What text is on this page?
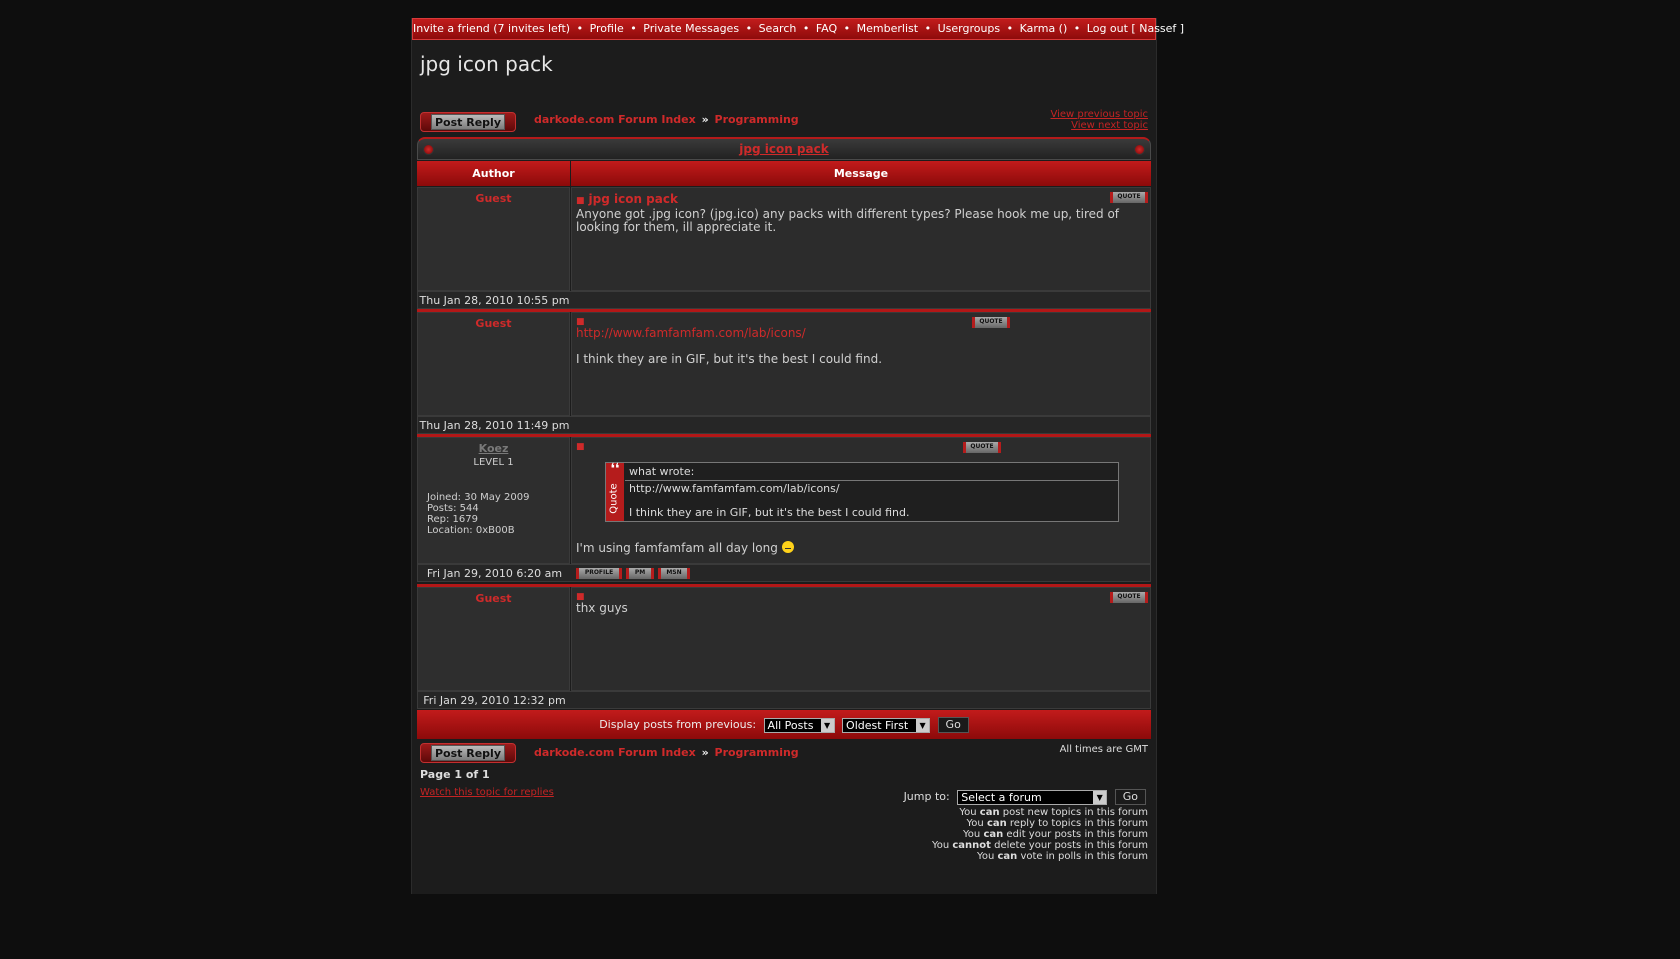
Invite a friend (7 invites left) • Profile • Private Messages • Search • FAQ • Memberlist • Usergroups • Karma () • Log out [ Nassef ]
jpg icon pack
Post Reply	darkode.com Forum Index » Programming	View previous topic
View next topic
jpg icon pack
Author	Message
Guest	QUOTE
■ jpg icon pack
Anyone got .jpg icon? (jpg.ico) any packs with different types? Please hook me up, tired of looking for them, ill appreciate it.
Thu Jan 28, 2010 10:55 pm
Guest	QUOTE
■
http://www.famfamfam.com/lab/icons/
I think they are in GIF, but it's the best I could find.
Thu Jan 28, 2010 11:49 pm
Koez
LEVEL 1
Joined: 30 May 2009
Posts: 544
Rep: 1679
Location: 0xB00B
QUOTE
■
❛❛
Quote
what wrote:
http://www.famfamfam.com/lab/icons/
I think they are in GIF, but it's the best I could find.
I'm using famfamfam all day long
Fri Jan 29, 2010 6:20 am	PROFILE	PM	MSN
Guest	QUOTE
■
thx guys
Fri Jan 29, 2010 12:32 pm
Display posts from previous: All Posts	▼	Oldest First	▼	Go
Post Reply	darkode.com Forum Index » Programming	All times are GMT
Page 1 of 1
Watch this topic for replies	Jump to: Select a forum	▼	Go
You can post new topics in this forum
You can reply to topics in this forum
You can edit your posts in this forum
You cannot delete your posts in this forum
You can vote in polls in this forum
